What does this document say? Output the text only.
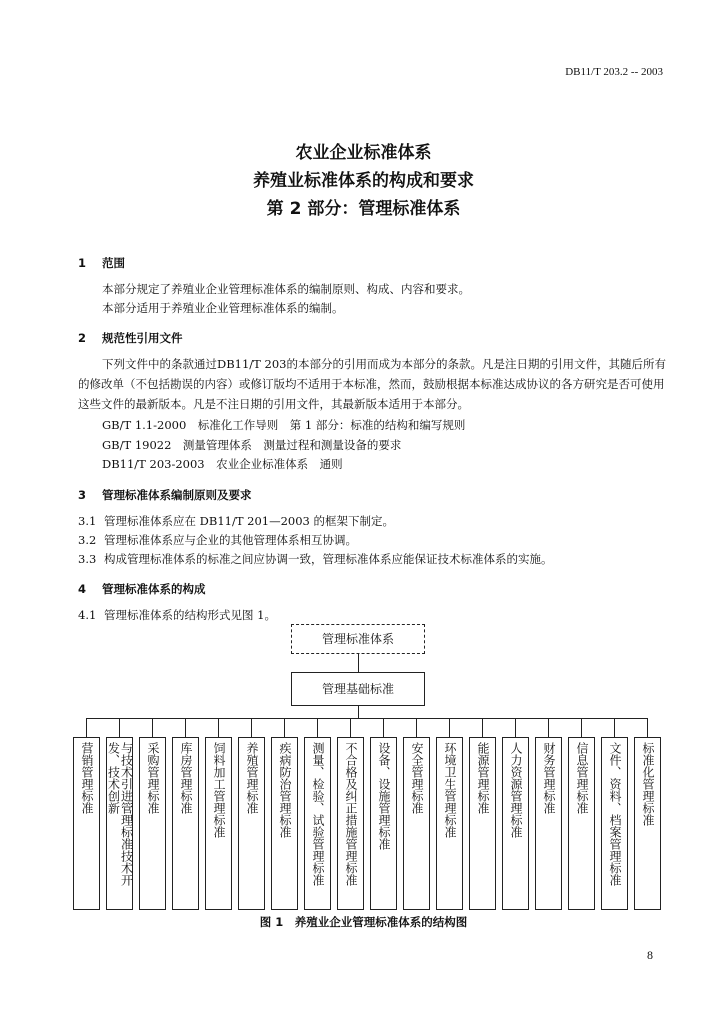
DB11/T 203.2 -- 2003
农业企业标准体系
养殖业标准体系的构成和要求
第 2 部分：管理标准体系
1 范围
本部分规定了养殖业企业管理标准体系的编制原则、构成、内容和要求。
本部分适用于养殖业企业管理标准体系的编制。
2 规范性引用文件
下列文件中的条款通过DB11/T 203的本部分的引用而成为本部分的条款。凡是注日期的引用文件，其随后所有的修改单（不包括勘误的内容）或修订版均不适用于本标准，然而，鼓励根据本标准达成协议的各方研究是否可使用这些文件的最新版本。凡是不注日期的引用文件，其最新版本适用于本部分。
GB/T 1.1-2000　标准化工作导则　第 1 部分：标准的结构和编写规则
GB/T 19022　测量管理体系　测量过程和测量设备的要求
DB11/T 203-2003　农业企业标准体系　通则
3 管理标准体系编制原则及要求
3.1 管理标准体系应在 DB11/T 201—2003 的框架下制定。
3.2 管理标准体系应与企业的其他管理体系相互协调。
3.3 构成管理标准体系的标准之间应协调一致，管理标准体系应能保证技术标准体系的实施。
4 管理标准体系的构成
4.1 管理标准体系的结构形式见图 1。
管理标准体系
管理基础标准
营销管理标准	与技术引进管理标准技术开发、技术创新	采购管理标准 库房管理标准 饲料加工管理标准 养殖管理标准 疾病防治管理标准 测量、检验、试验管理标准 不合格及纠正措施管理标准 设备、设施管理标准 安全管理标准 环境卫生管理标准 能源管理标准 人力资源管理标准 财务管理标准 信息管理标准 文件、资料、档案管理标准 标准化管理标准
图 1　养殖业企业管理标准体系的结构图
8
